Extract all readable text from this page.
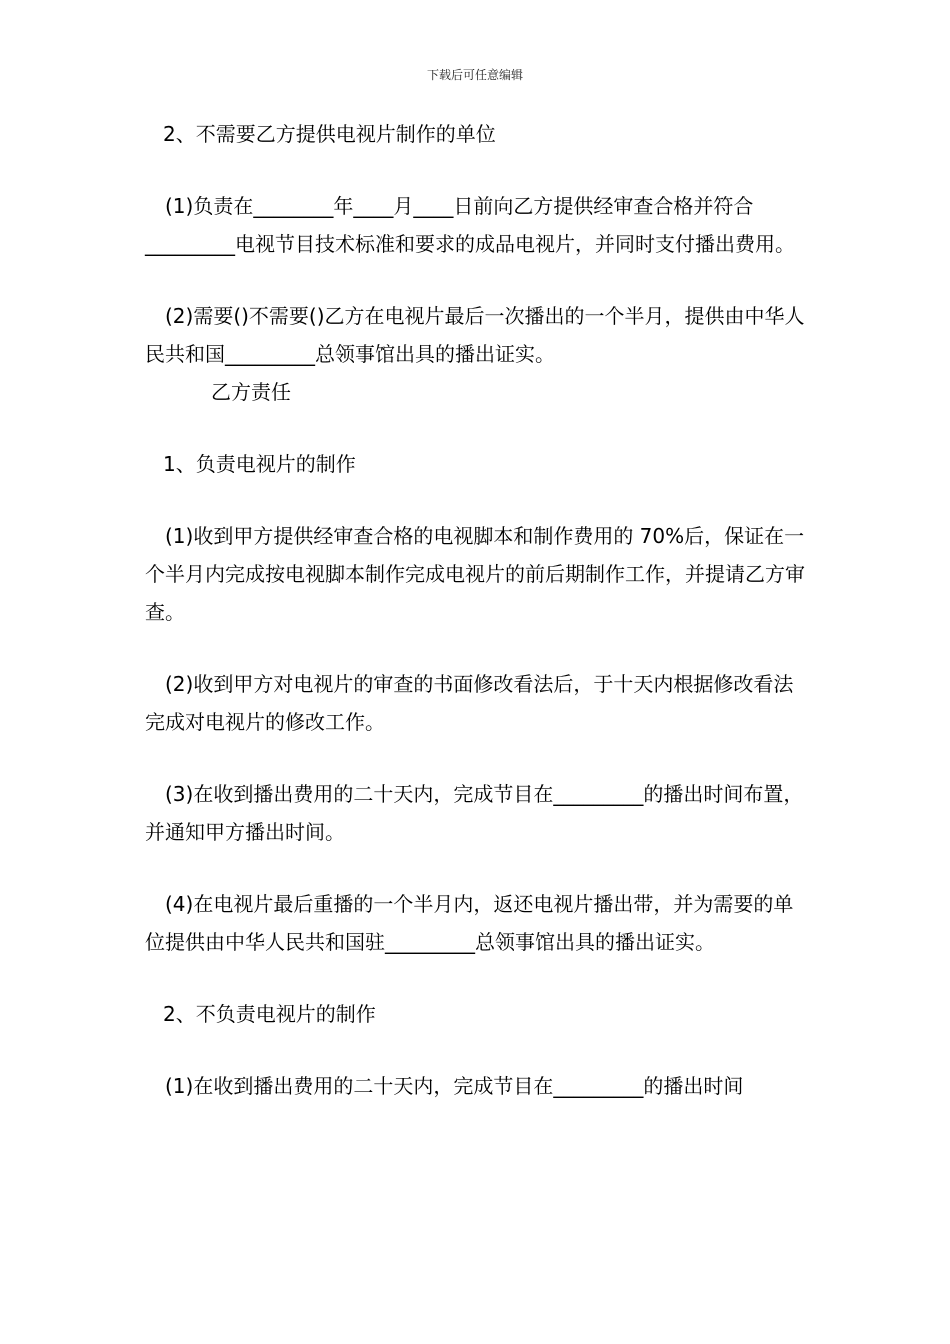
下载后可任意编辑

2、不需要乙方提供电视片制作的单位

(1)负责在________年____月____日前向乙方提供经审查合格并符合_________电视节目技术标准和要求的成品电视片，并同时支付播出费用。

(2)需要()不需要()乙方在电视片最后一次播出的一个半月，提供由中华人民共和国_________总领事馆出具的播出证实。

乙方责任

1、负责电视片的制作

(1)收到甲方提供经审查合格的电视脚本和制作费用的 70%后，保证在一个半月内完成按电视脚本制作完成电视片的前后期制作工作，并提请乙方审查。

(2)收到甲方对电视片的审查的书面修改看法后，于十天内根据修改看法完成对电视片的修改工作。

(3)在收到播出费用的二十天内，完成节目在_________的播出时间布置，并通知甲方播出时间。

(4)在电视片最后重播的一个半月内，返还电视片播出带，并为需要的单位提供由中华人民共和国驻_________总领事馆出具的播出证实。

2、不负责电视片的制作

(1)在收到播出费用的二十天内，完成节目在_________的播出时间
